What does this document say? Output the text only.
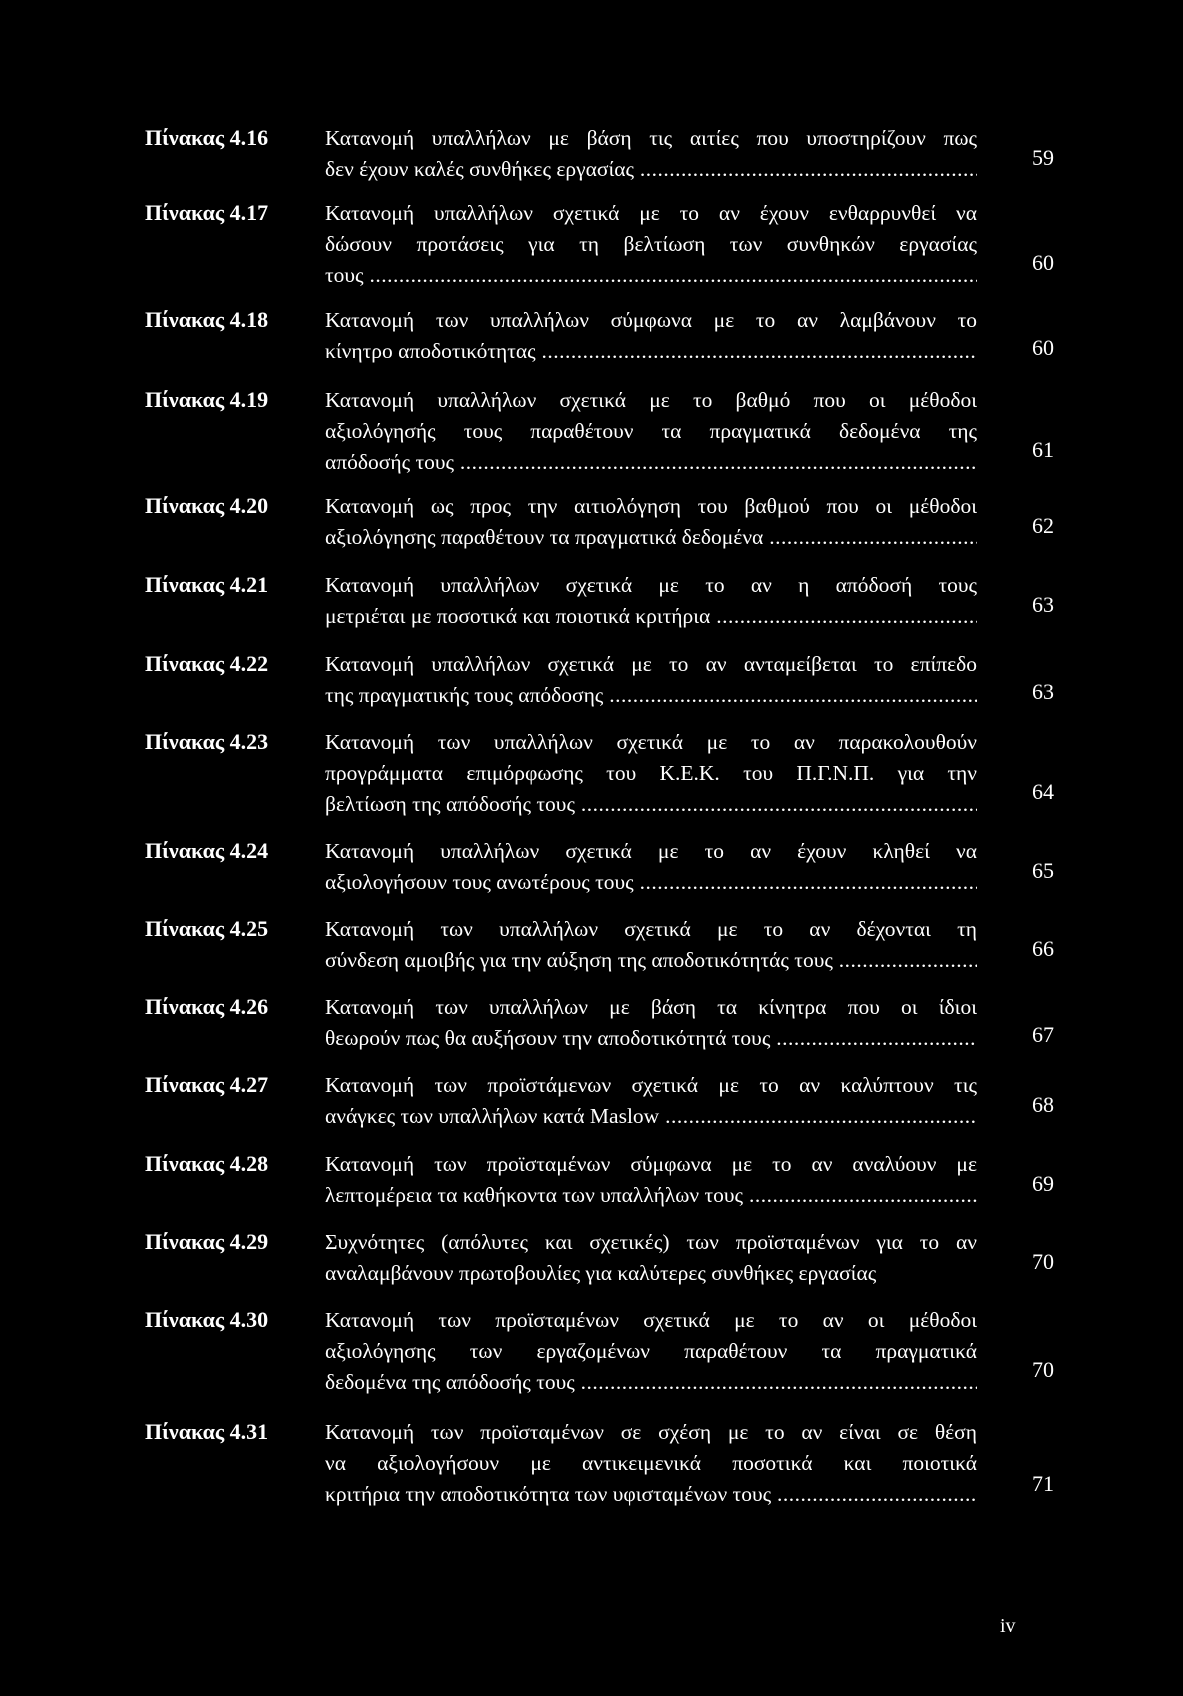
Πίνακας 4.16	Κατανομή υπαλλήλων με βάση τις αιτίες που υποστηρίζουν πως
δεν έχουν καλές συνθήκες εργασίας .....	59
Πίνακας 4.17	Κατανομή υπαλλήλων σχετικά με το αν έχουν ενθαρρυνθεί να
δώσουν προτάσεις για τη βελτίωση των συνθηκών εργασίας
τους .....	60
Πίνακας 4.18	Κατανομή των υπαλλήλων σύμφωνα με το αν λαμβάνουν το
κίνητρο αποδοτικότητας .....	60
Πίνακας 4.19	Κατανομή υπαλλήλων σχετικά με το βαθμό που οι μέθοδοι
αξιολόγησής τους παραθέτουν τα πραγματικά δεδομένα της
απόδοσής τους .....	61
Πίνακας 4.20	Κατανομή ως προς την αιτιολόγηση του βαθμού που οι μέθοδοι
αξιολόγησης παραθέτουν τα πραγματικά δεδομένα .....	62
Πίνακας 4.21	Κατανομή υπαλλήλων σχετικά με το αν η απόδοσή τους
μετριέται με ποσοτικά και ποιοτικά κριτήρια .....	63
Πίνακας 4.22	Κατανομή υπαλλήλων σχετικά με το αν ανταμείβεται το επίπεδο
της πραγματικής τους απόδοσης .....	63
Πίνακας 4.23	Κατανομή των υπαλλήλων σχετικά με το αν παρακολουθούν
προγράμματα επιμόρφωσης του Κ.Ε.Κ. του Π.Γ.Ν.Π. για την
βελτίωση της απόδοσής τους .....	64
Πίνακας 4.24	Κατανομή υπαλλήλων σχετικά με το αν έχουν κληθεί να
αξιολογήσουν τους ανωτέρους τους .....	65
Πίνακας 4.25	Κατανομή των υπαλλήλων σχετικά με το αν δέχονται τη
σύνδεση αμοιβής για την αύξηση της αποδοτικότητάς τους .....	66
Πίνακας 4.26	Κατανομή των υπαλλήλων με βάση τα κίνητρα που οι ίδιοι
θεωρούν πως θα αυξήσουν την αποδοτικότητά τους .....	67
Πίνακας 4.27	Κατανομή των προϊστάμενων σχετικά με το αν καλύπτουν τις
ανάγκες των υπαλλήλων κατά Maslow .....	68
Πίνακας 4.28	Κατανομή των προϊσταμένων σύμφωνα με το αν αναλύουν με
λεπτομέρεια τα καθήκοντα των υπαλλήλων τους .....	69
Πίνακας 4.29	Συχνότητες (απόλυτες και σχετικές) των προϊσταμένων για το αν
αναλαμβάνουν πρωτοβουλίες για καλύτερες συνθήκες εργασίας	70
Πίνακας 4.30	Κατανομή των προϊσταμένων σχετικά με το αν οι μέθοδοι
αξιολόγησης των εργαζομένων παραθέτουν τα πραγματικά
δεδομένα της απόδοσής τους .....	70
Πίνακας 4.31	Κατανομή των προϊσταμένων σε σχέση με το αν είναι σε θέση
να αξιολογήσουν με αντικειμενικά ποσοτικά και ποιοτικά
κριτήρια την αποδοτικότητα των υφισταμένων τους .....	71
iv
